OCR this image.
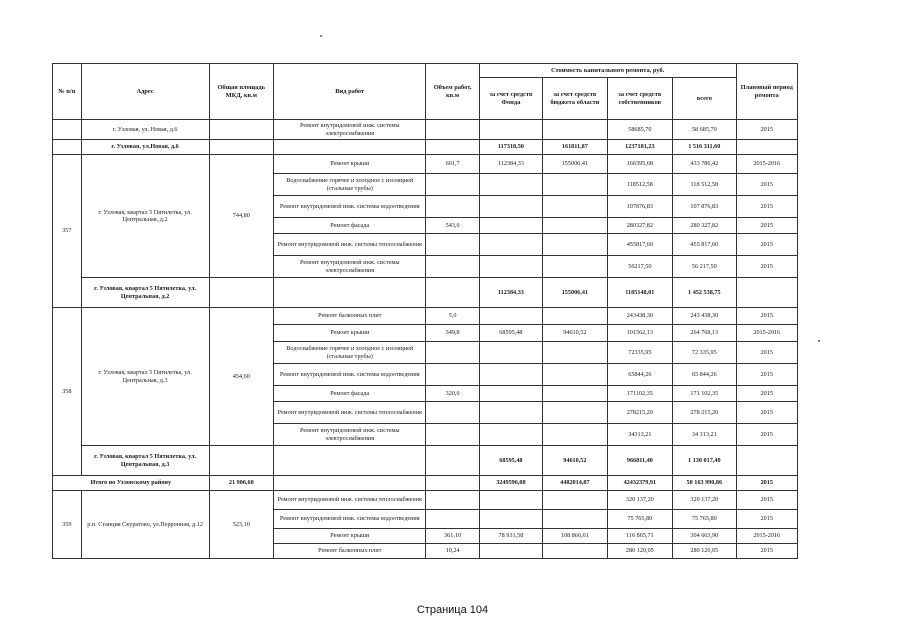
№ п/п	Адрес	Общая площадь МКД, кв.м	Вид работ	Объем работ, кв.м	Стоимость капитального ремонта, руб.				Плановый период ремонта
					за счет средств Фонда	за счет средств бюджета области	за счет средств собственников	всего	
	г. Узловая, ул. Новая, д.6		Ремонт внутридомовой инж. системы электроснабжения				58685,70	58 685,70	2015
	г. Узловая, ул.Новая, д.6				117318,50	161811,87	1237181,23	1 516 311,60	
357	г. Узловая, квартал 5 Пятилетка, ул. Центральная, д.2	744,80	Ремонт крыши	601,7	112384,33	155006,41	166395,68	433 786,42	2015-2016
			Водоснабжение горячее и холодное с изоляцией (стальные трубы)				118512,58	118 512,58	2015
			Ремонт внутридомовой инж. системы водоотведения				107876,83	107 876,83	2015
			Ремонт фасада	543,6			280327,82	280 327,82	2015
			Ремонт внутридомовой инж. системы теплоснабжения				455817,60	455 817,60	2015
			Ремонт внутридомовой инж. системы электроснабжения				56217,50	56 217,50	2015
	г. Узловая, квартал 5 Пятилетка, ул. Центральная, д.2				112384,33	155006,41	1185148,01	1 452 538,75	
358	г. Узловая, квартал 5 Пятилетка, ул. Центральная, д.3	454,60	Ремонт балконных плит	5,0			243438,30	243 438,30	2015
			Ремонт крыши	349,8	68595,48	94610,52	101562,13	264 768,13	2015-2016
			Водоснабжение горячее и холодное с изоляцией (стальные трубы)				72335,95	72 335,95	2015
			Ремонт внутридомовой инж. системы водоотведения				65844,26	65 844,26	2015
			Ремонт фасада	320,6			171102,35	171 102,35	2015
			Ремонт внутридомовой инж. системы теплоснабжения				278215,20	278 215,20	2015
			Ремонт внутридомовой инж. системы электроснабжения				34313,21	34 313,21	2015
	г. Узловая, квартал 5 Пятилетка, ул. Центральная, д.3				68595,48	94610,52	966811,40	1 130 017,40	
Итого по Узловскому району		21 906,60			3249596,08	4482014,87	42432379,91	50 163 990,86	2015
359	р.п. Станция Скуратово, ул.Перронная, д.12	523,10	Ремонт внутридомовой инж. системы теплоснабжения				320 137,20	320 137,20	2015
			Ремонт внутридомовой инж. системы водоотведения				75 765,80	75 765,80	2015
			Ремонт крыши	361,10	78 931,58	108 866,61	116 865,71	304 663,90	2015-2016
			Ремонт балконных плит	10,24			280 120,05	280 120,05	2015
Страница 104
